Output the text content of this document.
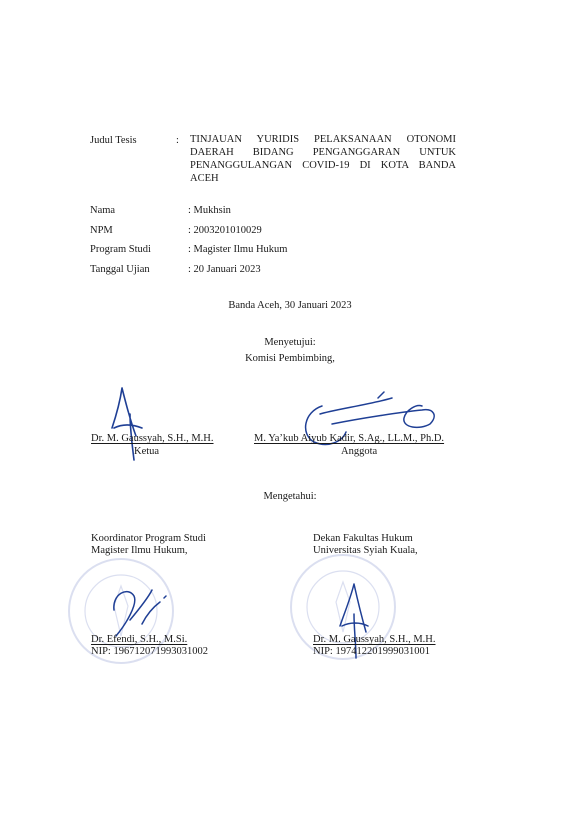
Judul Tesis	: TINJAUAN YURIDIS PELAKSANAAN OTONOMI DAERAH BIDANG PENGANGGARAN UNTUK PENANGGULANGAN COVID-19 DI KOTA BANDA ACEH
Nama	: Mukhsin
NPM	: 2003201010029
Program Studi	: Magister Ilmu Hukum
Tanggal Ujian	: 20 Januari 2023
Banda Aceh, 30 Januari 2023
Menyetujui:
Komisi Pembimbing,
Dr. M. Gaussyah, S.H., M.H.
Ketua
M. Ya’kub Aiyub Kadir, S.Ag., LL.M., Ph.D.
Anggota
Mengetahui:
Koordinator Program Studi
Magister Ilmu Hukum,
Dekan Fakultas Hukum
Universitas Syiah Kuala,
Dr. Efendi, S.H., M.Si.
NIP: 196712071993031002
Dr. M. Gaussyah, S.H., M.H.
NIP: 197412201999031001
